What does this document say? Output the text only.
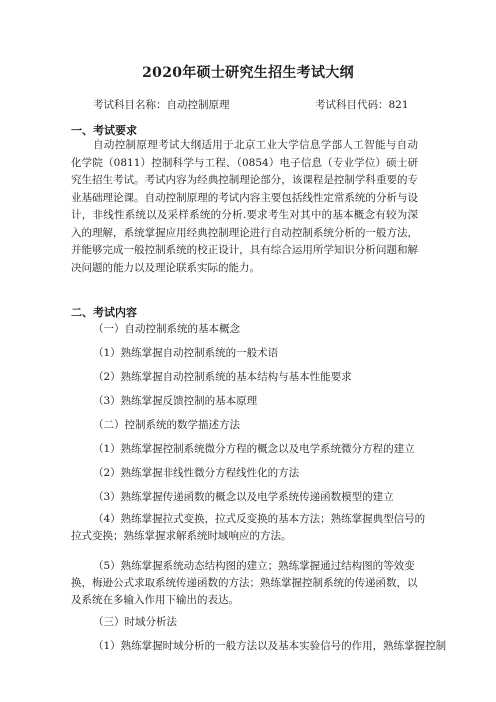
2020年硕士研究生招生考试大纲
考试科目名称：自动控制原理	考试科目代码：821
一、考试要求
自动控制原理考试大纲适用于北京工业大学信息学部人工智能与自动化学院（0811）控制科学与工程、（0854）电子信息（专业学位）硕士研究生招生考试。考试内容为经典控制理论部分，该课程是控制学科重要的专业基础理论课。自动控制原理的考试内容主要包括线性定常系统的分析与设计，非线性系统以及采样系统的分析.要求考生对其中的基本概念有较为深入的理解，系统掌握应用经典控制理论进行自动控制系统分析的一般方法，并能够完成一般控制系统的校正设计，具有综合运用所学知识分析问题和解决问题的能力以及理论联系实际的能力。
二、考试内容
（一）自动控制系统的基本概念
（1）熟练掌握自动控制系统的一般术语
（2）熟练掌握自动控制系统的基本结构与基本性能要求
（3）熟练掌握反馈控制的基本原理
（二）控制系统的数学描述方法
（1）熟练掌握控制系统微分方程的概念以及电学系统微分方程的建立
（2）熟练掌握非线性微分方程线性化的方法
（3）熟练掌握传递函数的概念以及电学系统传递函数模型的建立
（4）熟练掌握拉式变换，拉式反变换的基本方法；熟练掌握典型信号的拉式变换；熟练掌握求解系统时域响应的方法。
（5）熟练掌握系统动态结构图的建立；熟练掌握通过结构图的等效变换，梅逊公式求取系统传递函数的方法；熟练掌握控制系统的传递函数，以及系统在多输入作用下输出的表达。
（三）时域分析法
（1）熟练掌握时域分析的一般方法以及基本实验信号的作用，熟练掌握控制
